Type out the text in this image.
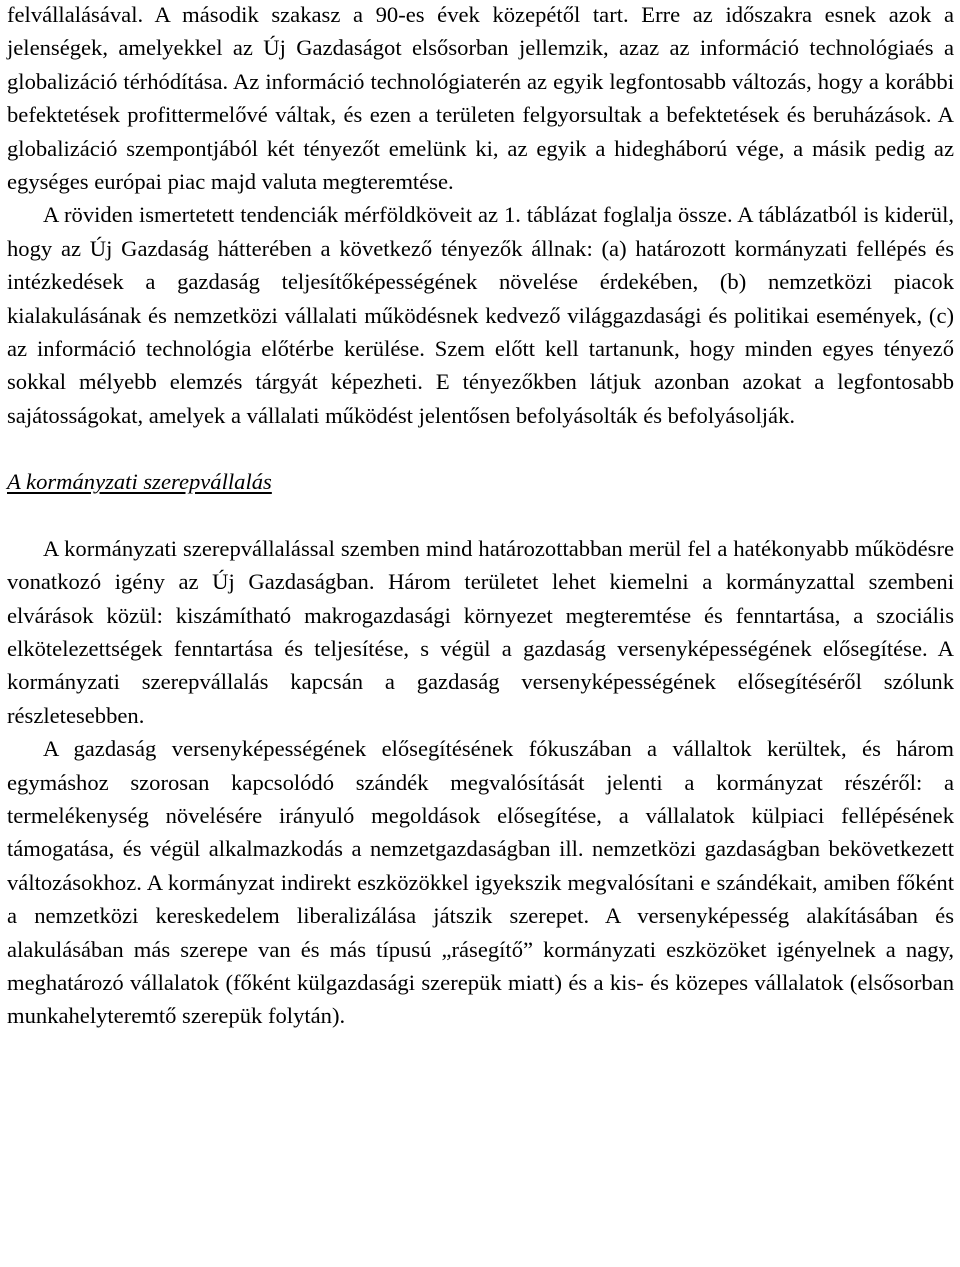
felvállalásával. A második szakasz a 90-es évek közepétől tart. Erre az időszakra esnek azok a jelenségek, amelyekkel az Új Gazdaságot elsősorban jellemzik, azaz az információ technológiaés a globalizáció térhódítása. Az információ technológiaterén az egyik legfontosabb változás, hogy a korábbi befektetések profittermelővé váltak, és ezen a területen felgyorsultak a befektetések és beruházások. A globalizáció szempontjából két tényezőt emelünk ki, az egyik a hidegháború vége, a másik pedig az egységes európai piac majd valuta megteremtése.

A röviden ismertetett tendenciák mérföldköveit az 1. táblázat foglalja össze. A táblázatból is kiderül, hogy az Új Gazdaság hátterében a következő tényezők állnak: (a) határozott kormányzati fellépés és intézkedések a gazdaság teljesítőképességének növelése érdekében, (b) nemzetközi piacok kialakulásának és nemzetközi vállalati működésnek kedvező világgazdasági és politikai események, (c) az információ technológia előtérbe kerülése. Szem előtt kell tartanunk, hogy minden egyes tényező sokkal mélyebb elemzés tárgyát képezheti. E tényezőkben látjuk azonban azokat a legfontosabb sajátosságokat, amelyek a vállalati működést jelentősen befolyásolták és befolyásolják.

A kormányzati szerepvállalás

A kormányzati szerepvállalással szemben mind határozottabban merül fel a hatékonyabb működésre vonatkozó igény az Új Gazdaságban. Három területet lehet kiemelni a kormányzattal szembeni elvárások közül: kiszámítható makrogazdasági környezet megteremtése és fenntartása, a szociális elkötelezettségek fenntartása és teljesítése, s végül a gazdaság versenyképességének elősegítése. A kormányzati szerepvállalás kapcsán a gazdaság versenyképességének elősegítéséről szólunk részletesebben.

A gazdaság versenyképességének elősegítésének fókuszában a vállaltok kerültek, és három egymáshoz szorosan kapcsolódó szándék megvalósítását jelenti a kormányzat részéről: a termelékenység növelésére irányuló megoldások elősegítése, a vállalatok külpiaci fellépésének támogatása, és végül alkalmazkodás a nemzetgazdaságban ill. nemzetközi gazdaságban bekövetkezett változásokhoz. A kormányzat indirekt eszközökkel igyekszik megvalósítani e szándékait, amiben főként a nemzetközi kereskedelem liberalizálása játszik szerepet. A versenyképesség alakításában és alakulásában más szerepe van és más típusú „rásegítő” kormányzati eszközöket igényelnek a nagy, meghatározó vállalatok (főként külgazdasági szerepük miatt) és a kis- és közepes vállalatok (elsősorban munkahelyteremtő szerepük folytán).
